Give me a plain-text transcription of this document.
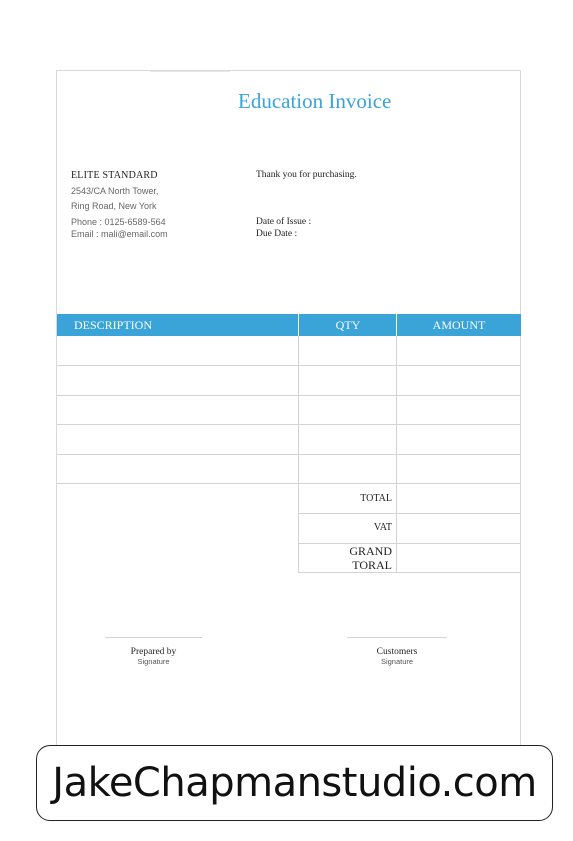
Education Invoice
ELITE STANDARD
2543/CA North Tower,
Ring Road, New York
Phone : 0125-6589-564
Email : mali@email.com
Thank you for purchasing.
Date of Issue :
Due Date :
DESCRIPTION	QTY	AMOUNT
TOTAL
VAT
GRAND
TORAL
Prepared by
Signature
Customers
Signature
JakeChapmanstudio.com
